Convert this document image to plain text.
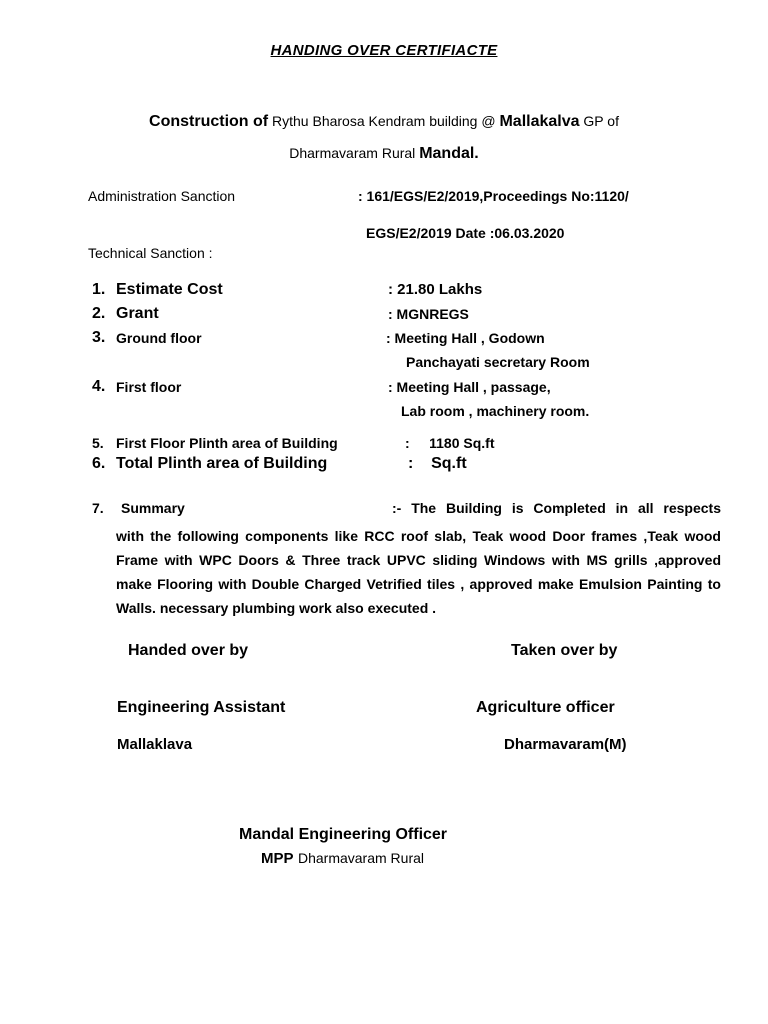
HANDING OVER CERTIFIACTE
Construction of Rythu Bharosa Kendram building @ Mallakalva GP of
Dharmavaram Rural Mandal.
Administration Sanction	: 161/EGS/E2/2019,Proceedings No:1120/
EGS/E2/2019 Date :06.03.2020
Technical Sanction :
1. Estimate Cost	: 21.80 Lakhs
2. Grant	: MGNREGS
3. Ground floor	: Meeting Hall , Godown
Panchayati secretary Room
4. First floor	: Meeting Hall , passage,
Lab room , machinery room.
5. First Floor Plinth area of Building	:     1180 Sq.ft
6. Total Plinth area of Building	:    Sq.ft
7. Summary	:- The Building is Completed in all respects
with the following components like RCC roof slab, Teak wood Door frames ,Teak wood Frame with WPC Doors & Three track UPVC sliding Windows with MS grills ,approved make Flooring with Double Charged Vetrified tiles , approved make Emulsion Painting to Walls. necessary plumbing work also executed .
Handed over by	Taken over by
Engineering Assistant	Agriculture officer
Mallaklava	Dharmavaram(M)
Mandal Engineering Officer
MPP Dharmavaram Rural
